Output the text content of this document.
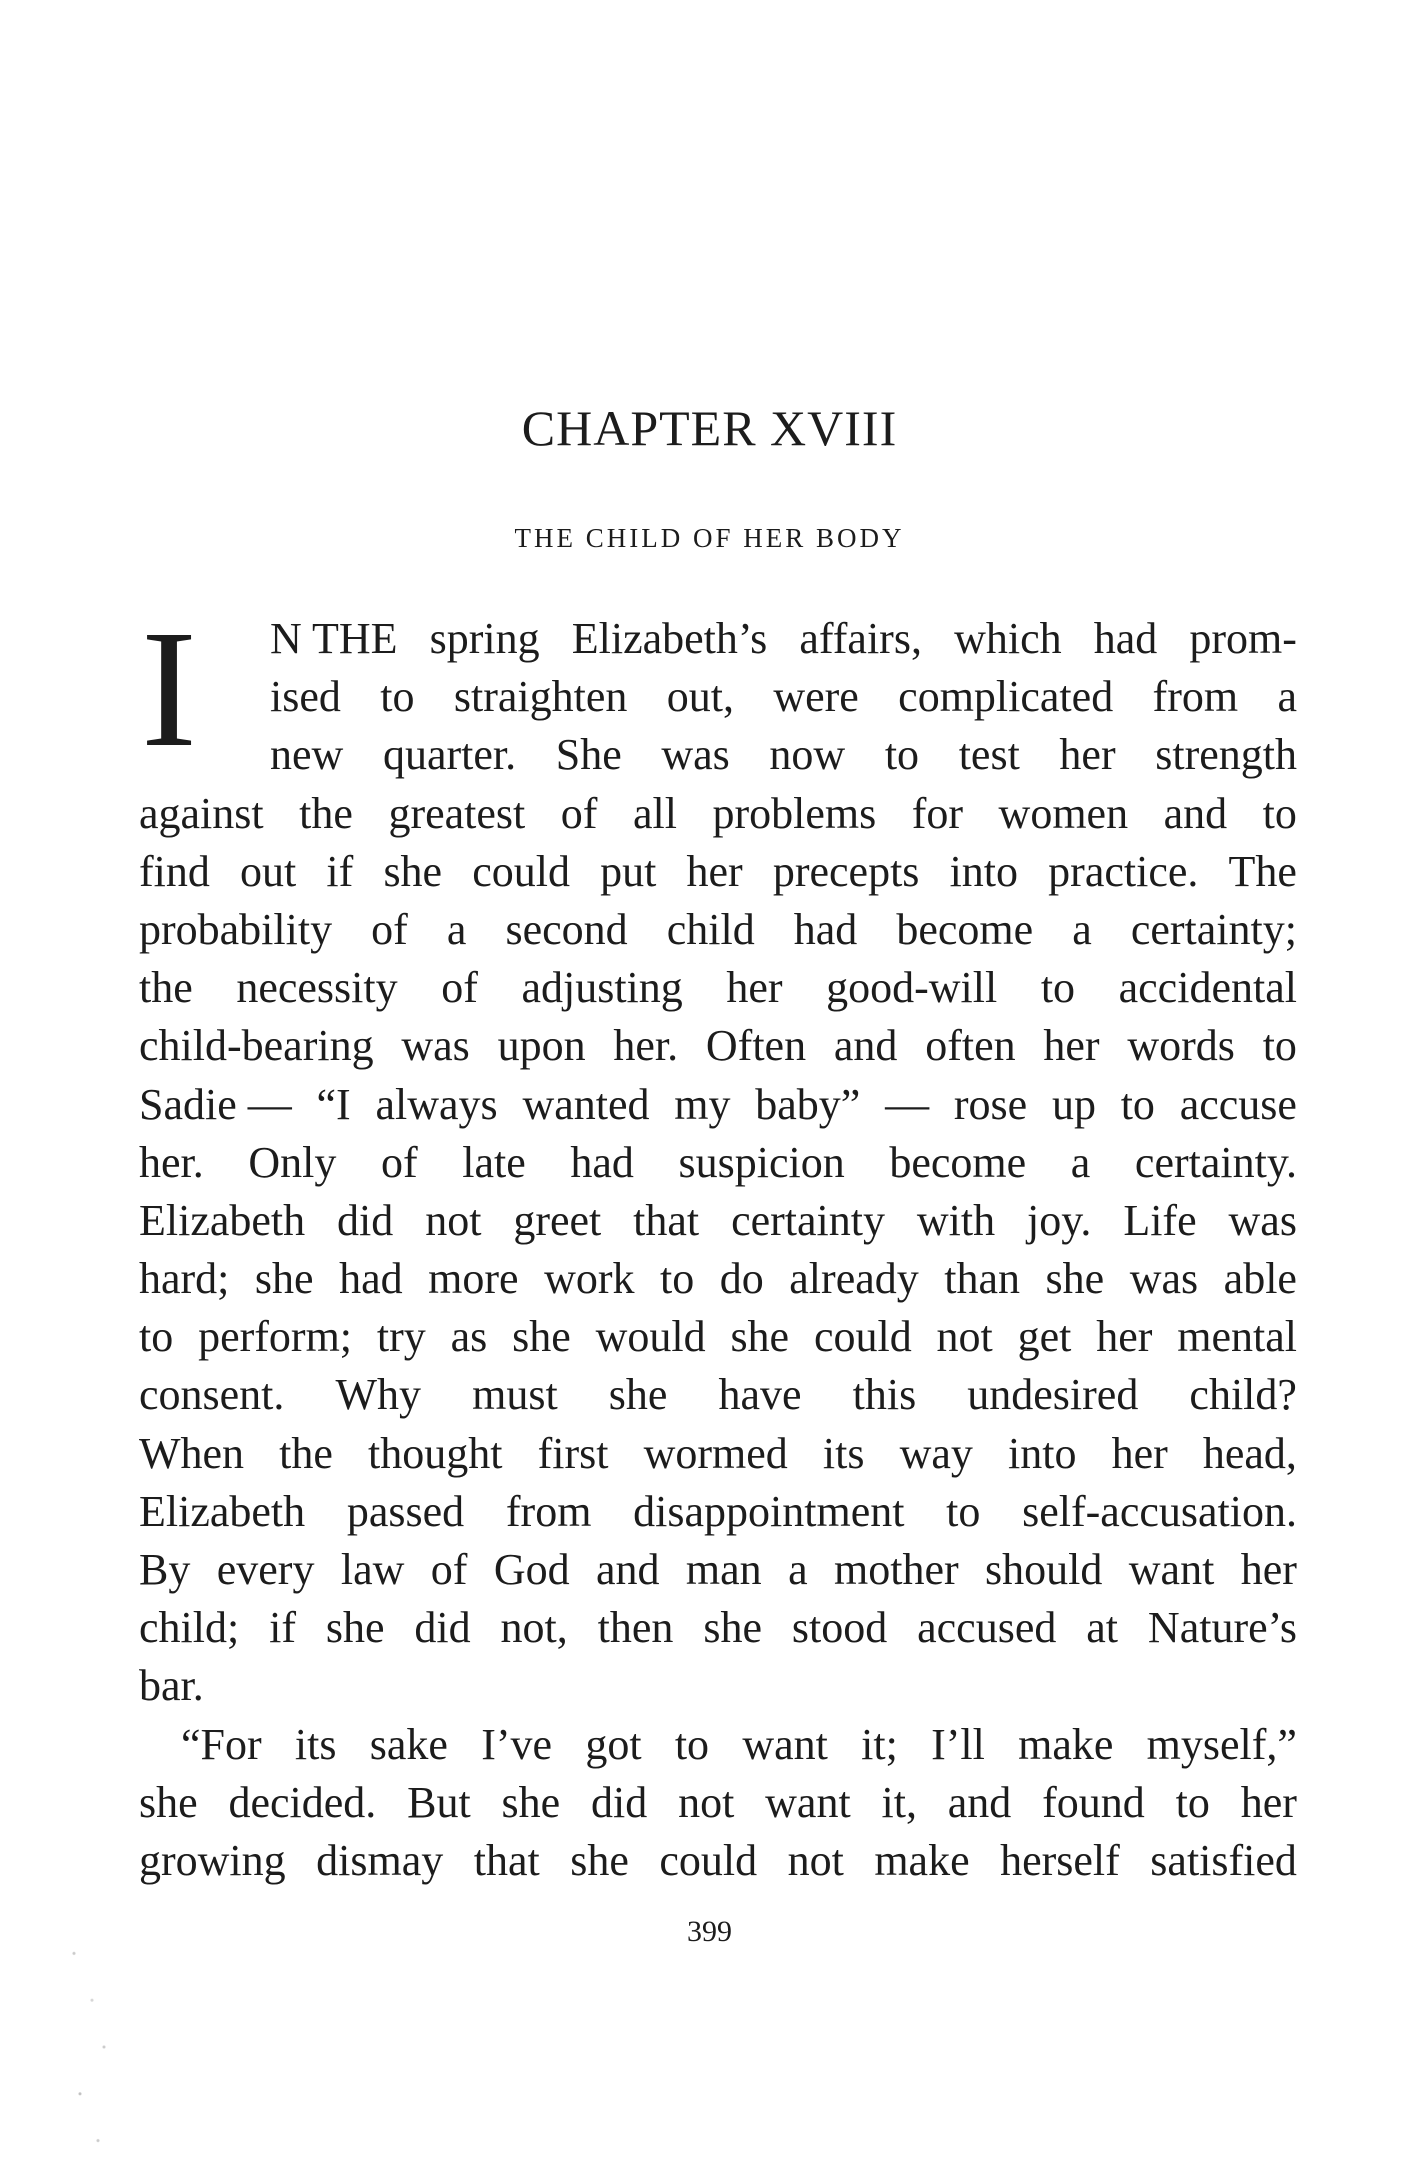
CHAPTER XVIII
THE CHILD OF HER BODY
I N THE spring Elizabeth’s affairs, which had prom-
ised to straighten out, were complicated from a
new quarter. She was now to test her strength
against the greatest of all problems for women and to
find out if she could put her precepts into practice. The
probability of a second child had become a certainty;
the necessity of adjusting her good-will to accidental
child-bearing was upon her. Often and often her words to
Sadie — “I always wanted my baby” — rose up to accuse
her. Only of late had suspicion become a certainty.
Elizabeth did not greet that certainty with joy. Life was
hard; she had more work to do already than she was able
to perform; try as she would she could not get her mental
consent. Why must she have this undesired child?
When the thought first wormed its way into her head,
Elizabeth passed from disappointment to self-accusation.
By every law of God and man a mother should want her
child; if she did not, then she stood accused at Nature’s
bar.
“For its sake I’ve got to want it; I’ll make myself,”
she decided. But she did not want it, and found to her
growing dismay that she could not make herself satisfied
399
